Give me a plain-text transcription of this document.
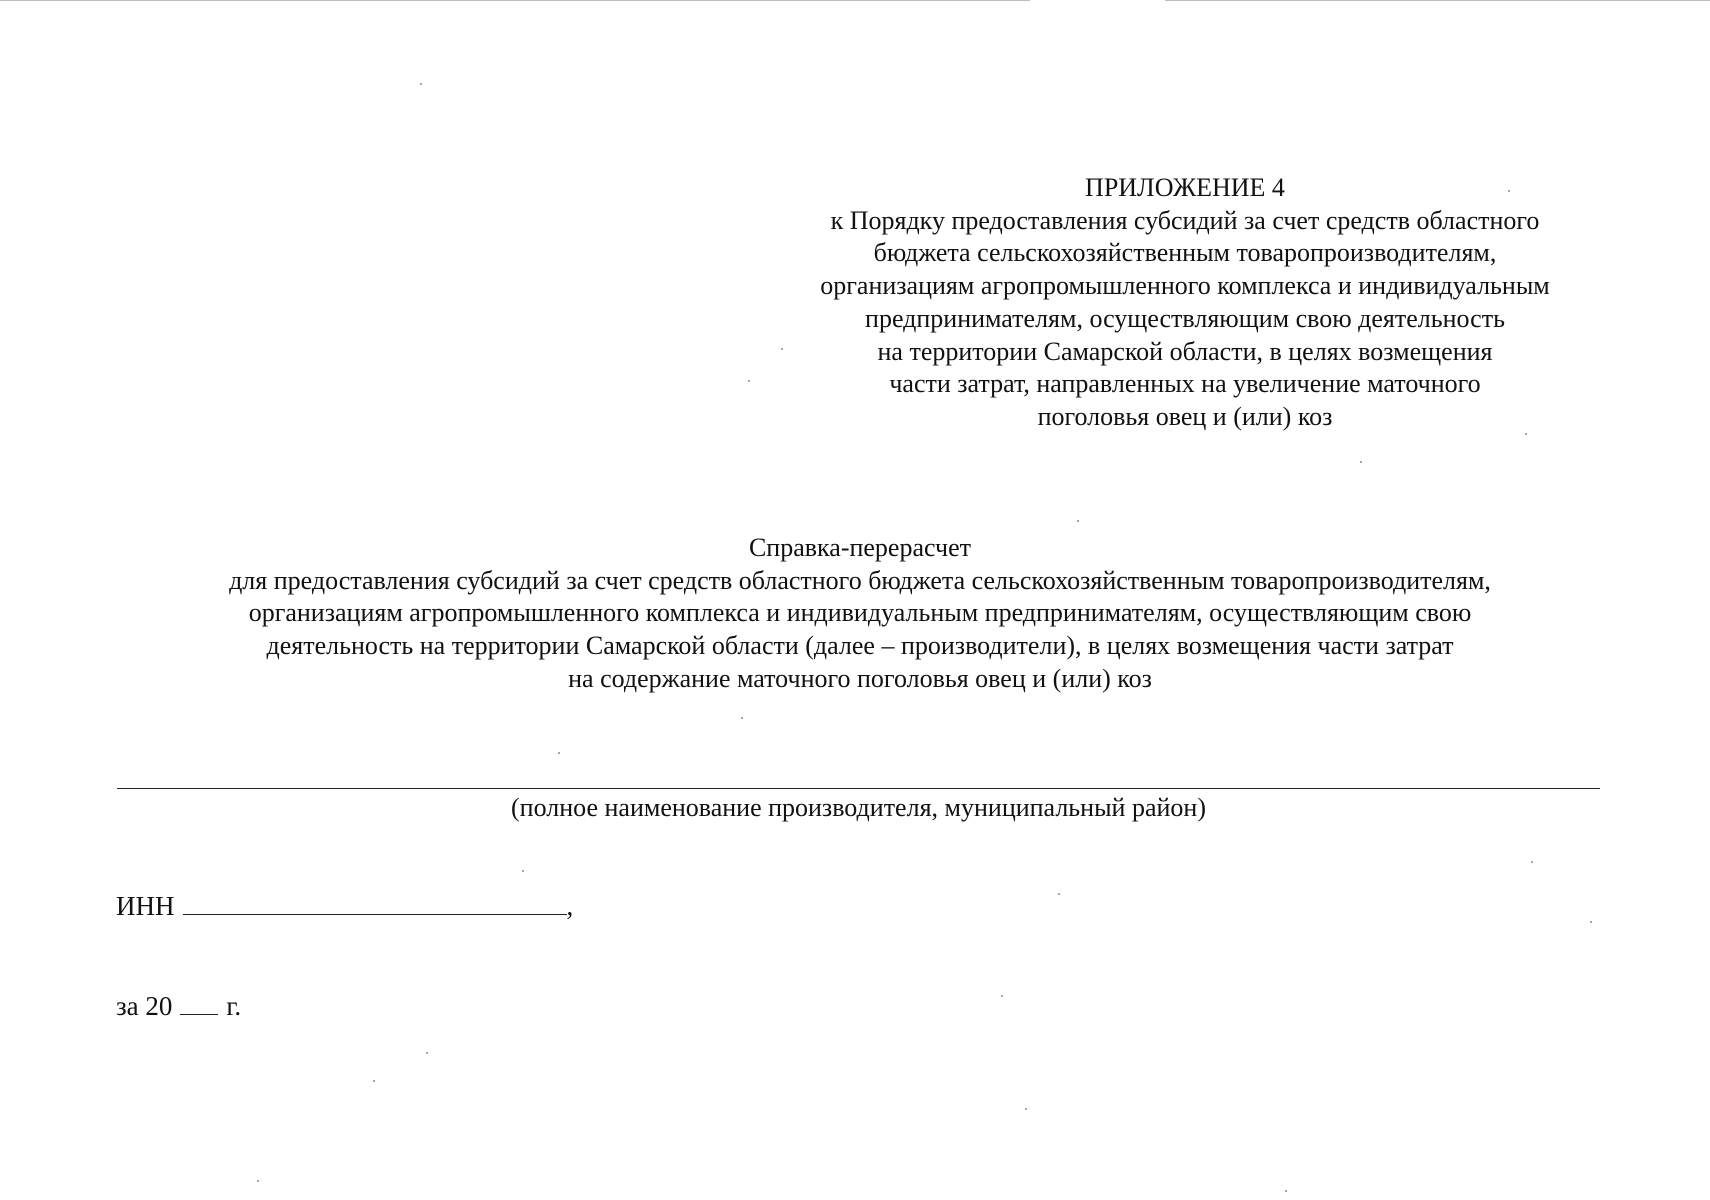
ПРИЛОЖЕНИЕ 4
к Порядку предоставления субсидий за счет средств областного
бюджета сельскохозяйственным товаропроизводителям,
организациям агропромышленного комплекса и индивидуальным
предпринимателям, осуществляющим свою деятельность
на территории Самарской области, в целях возмещения
части затрат, направленных на увеличение маточного
поголовья овец и (или) коз
Справка-перерасчет
для предоставления субсидий за счет средств областного бюджета сельскохозяйственным товаропроизводителям,
организациям агропромышленного комплекса и индивидуальным предпринимателям, осуществляющим свою
деятельность на территории Самарской области (далее – производители), в целях возмещения части затрат
на содержание маточного поголовья овец и (или) коз
(полное наименование производителя, муниципальный район)
ИНН	,
за 20 г.
